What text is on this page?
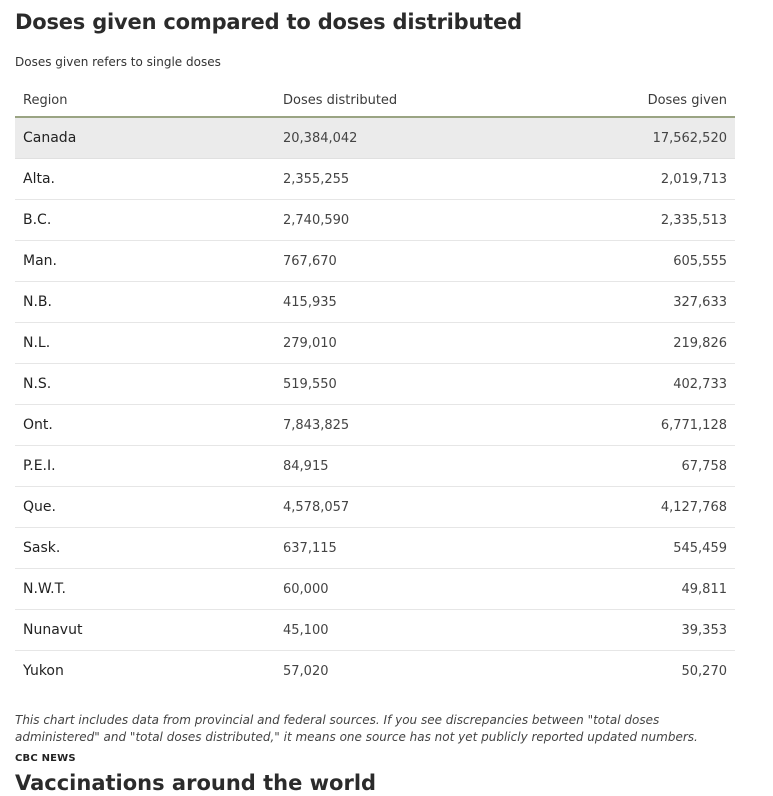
Doses given compared to doses distributed

Doses given refers to single doses

Region	Doses distributed	Doses given
Canada	20,384,042	17,562,520
Alta.	2,355,255	2,019,713
B.C.	2,740,590	2,335,513
Man.	767,670	605,555
N.B.	415,935	327,633
N.L.	279,010	219,826
N.S.	519,550	402,733
Ont.	7,843,825	6,771,128
P.E.I.	84,915	67,758
Que.	4,578,057	4,127,768
Sask.	637,115	545,459
N.W.T.	60,000	49,811
Nunavut	45,100	39,353
Yukon	57,020	50,270

This chart includes data from provincial and federal sources. If you see discrepancies between "total doses administered" and "total doses distributed," it means one source has not yet publicly reported updated numbers.

CBC NEWS

Vaccinations around the world
